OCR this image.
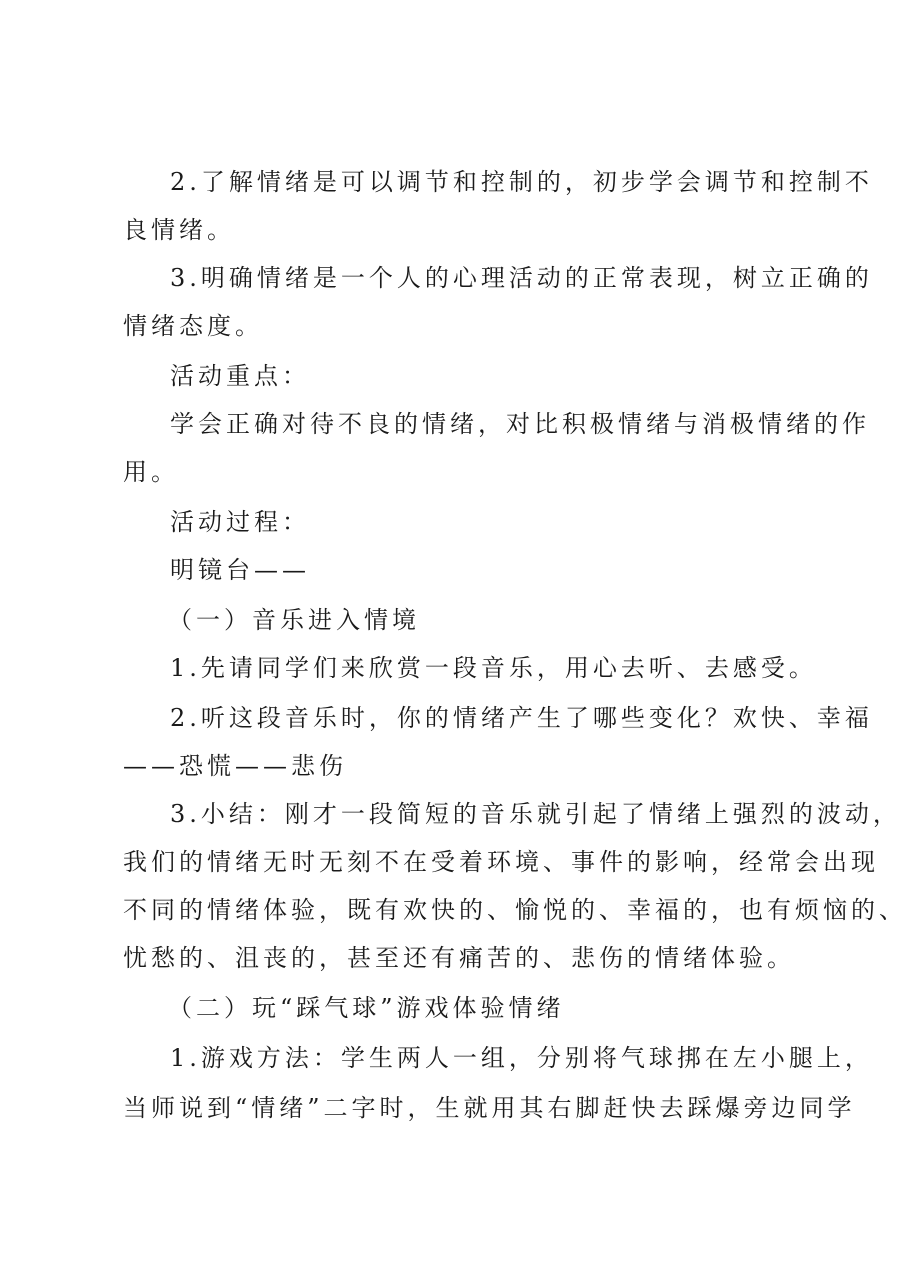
2.了解情绪是可以调节和控制的，初步学会调节和控制不
良情绪。
3.明确情绪是一个人的心理活动的正常表现，树立正确的
情绪态度。
活动重点：
学会正确对待不良的情绪，对比积极情绪与消极情绪的作
用。
活动过程：
明镜台——
（一）音乐进入情境
1.先请同学们来欣赏一段音乐，用心去听、去感受。
2.听这段音乐时，你的情绪产生了哪些变化？欢快、幸福
——恐慌——悲伤
3.小结：刚才一段简短的音乐就引起了情绪上强烈的波动，
我们的情绪无时无刻不在受着环境、事件的影响，经常会出现
不同的情绪体验，既有欢快的、愉悦的、幸福的，也有烦恼的、
忧愁的、沮丧的，甚至还有痛苦的、悲伤的情绪体验。
（二）玩“踩气球”游戏体验情绪
1.游戏方法：学生两人一组，分别将气球挷在左小腿上，
当师说到“情绪”二字时，生就用其右脚赶快去踩爆旁边同学
